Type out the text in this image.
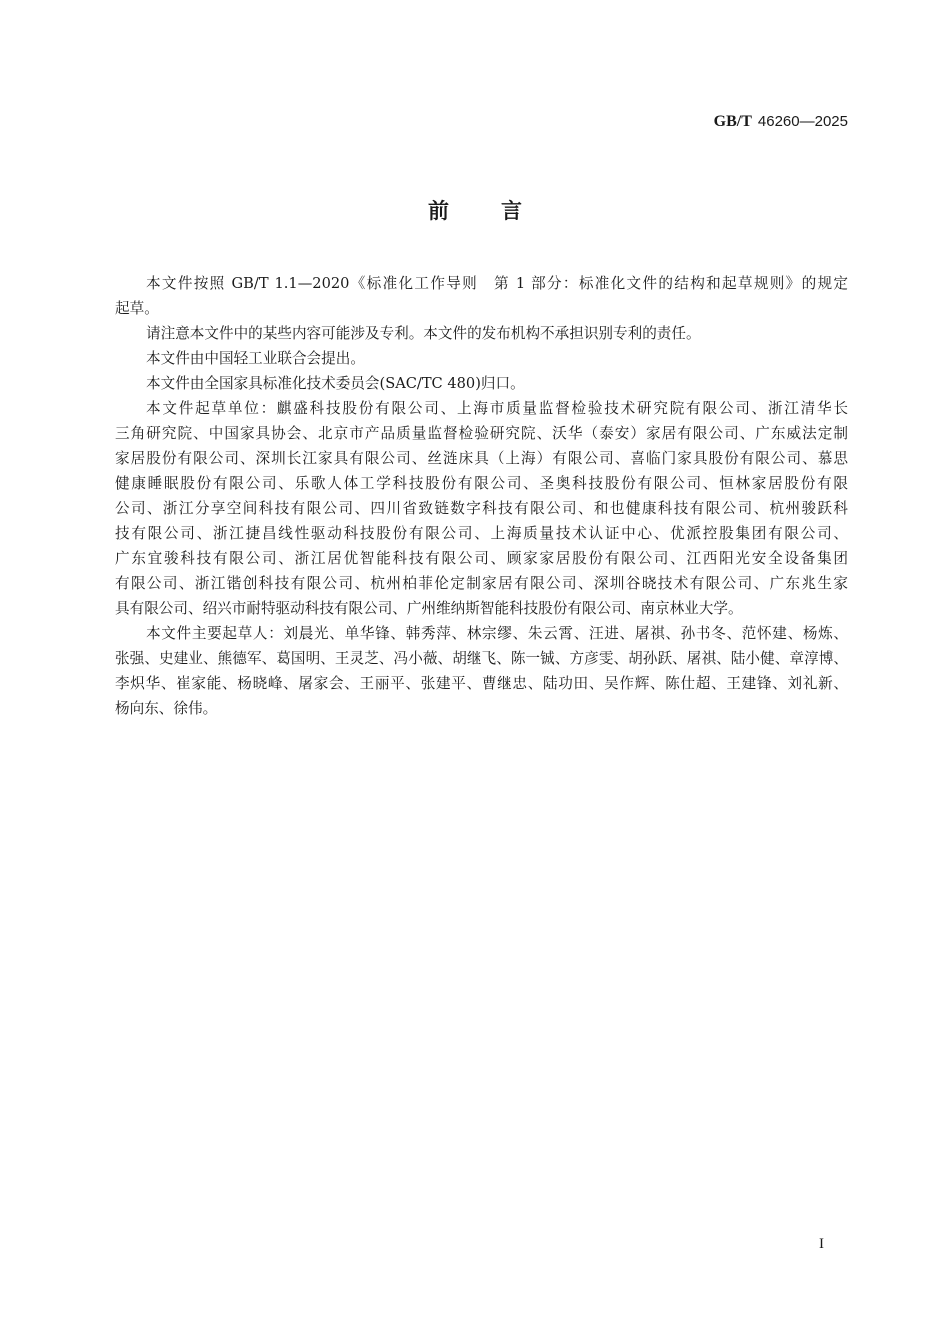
GB/T 46260—2025
前言
本文件按照 GB/T 1.1—2020《标准化工作导则　第 1 部分：标准化文件的结构和起草规则》的规定
起草。
请注意本文件中的某些内容可能涉及专利。本文件的发布机构不承担识别专利的责任。
本文件由中国轻工业联合会提出。
本文件由全国家具标准化技术委员会(SAC/TC 480)归口。
本文件起草单位：麒盛科技股份有限公司、上海市质量监督检验技术研究院有限公司、浙江清华长
三角研究院、中国家具协会、北京市产品质量监督检验研究院、沃华（泰安）家居有限公司、广东威法定制
家居股份有限公司、深圳长江家具有限公司、丝涟床具（上海）有限公司、喜临门家具股份有限公司、慕思
健康睡眠股份有限公司、乐歌人体工学科技股份有限公司、圣奥科技股份有限公司、恒林家居股份有限
公司、浙江分享空间科技有限公司、四川省致链数字科技有限公司、和也健康科技有限公司、杭州骏跃科
技有限公司、浙江捷昌线性驱动科技股份有限公司、上海质量技术认证中心、优派控股集团有限公司、
广东宜骏科技有限公司、浙江居优智能科技有限公司、顾家家居股份有限公司、江西阳光安全设备集团
有限公司、浙江锴创科技有限公司、杭州柏菲伦定制家居有限公司、深圳谷晓技术有限公司、广东兆生家
具有限公司、绍兴市耐特驱动科技有限公司、广州维纳斯智能科技股份有限公司、南京林业大学。
本文件主要起草人：刘晨光、单华锋、韩秀萍、林宗缪、朱云霄、汪进、屠祺、孙书冬、范怀建、杨炼、
张强、史建业、熊德军、葛国明、王灵芝、冯小薇、胡继飞、陈一铖、方彦雯、胡孙跃、屠祺、陆小健、章淳博、
李炽华、崔家能、杨晓峰、屠家会、王丽平、张建平、曹继忠、陆功田、吴作辉、陈仕超、王建锋、刘礼新、
杨向东、徐伟。
I
